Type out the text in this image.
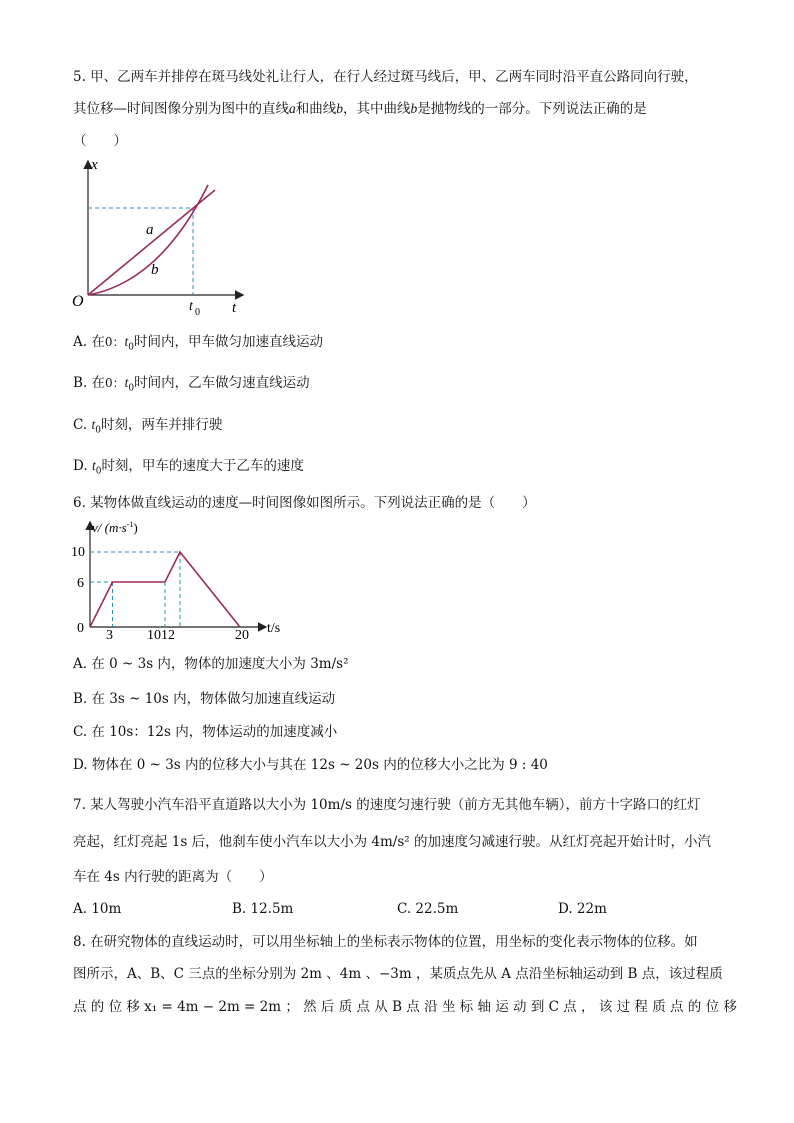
5. 甲、乙两车并排停在斑马线处礼让行人，在行人经过斑马线后，甲、乙两车同时沿平直公路同向行驶，
其位移—时间图像分别为图中的直线a和曲线b，其中曲线b是抛物线的一部分。下列说法正确的是
（　　）
x
t
O	t 0
a
b
A. 在0：$t_0$时间内，甲车做匀加速直线运动
B. 在0：$t_0$时间内，乙车做匀速直线运动
C. $t_0$时刻，两车并排行驶
D. $t_0$时刻，甲车的速度大于乙车的速度
6. 某物体做直线运动的速度—时间图像如图所示。下列说法正确的是（　　）
v/ $(m\cdot s^{-1})$
t/s
10
6
0 3 1012	20
A. 在 0 ~ 3s 内，物体的加速度大小为 3m/s²
B. 在 3s ~ 10s 内，物体做匀加速直线运动
C. 在 10s：12s 内，物体运动的加速度减小
D. 物体在 0 ~ 3s 内的位移大小与其在 12s ~ 20s 内的位移大小之比为 9 : 40
7. 某人驾驶小汽车沿平直道路以大小为 10m/s 的速度匀速行驶（前方无其他车辆），前方十字路口的红灯
亮起，红灯亮起 1s 后，他刹车使小汽车以大小为 4m/s² 的加速度匀减速行驶。从红灯亮起开始计时，小汽
车在 4s 内行驶的距离为（　　）
A. 10m	B. 12.5m	C. 22.5m	D. 22m
8. 在研究物体的直线运动时，可以用坐标轴上的坐标表示物体的位置，用坐标的变化表示物体的位移。如
图所示，A、B、C 三点的坐标分别为 2m 、4m 、−3m ，某质点先从 A 点沿坐标轴运动到 B 点，该过程质
点 的 位 移 x₁ = 4m − 2m = 2m ； 然 后 质 点 从 B 点 沿 坐 标 轴 运 动 到 C 点 ， 该 过 程 质 点 的 位 移
